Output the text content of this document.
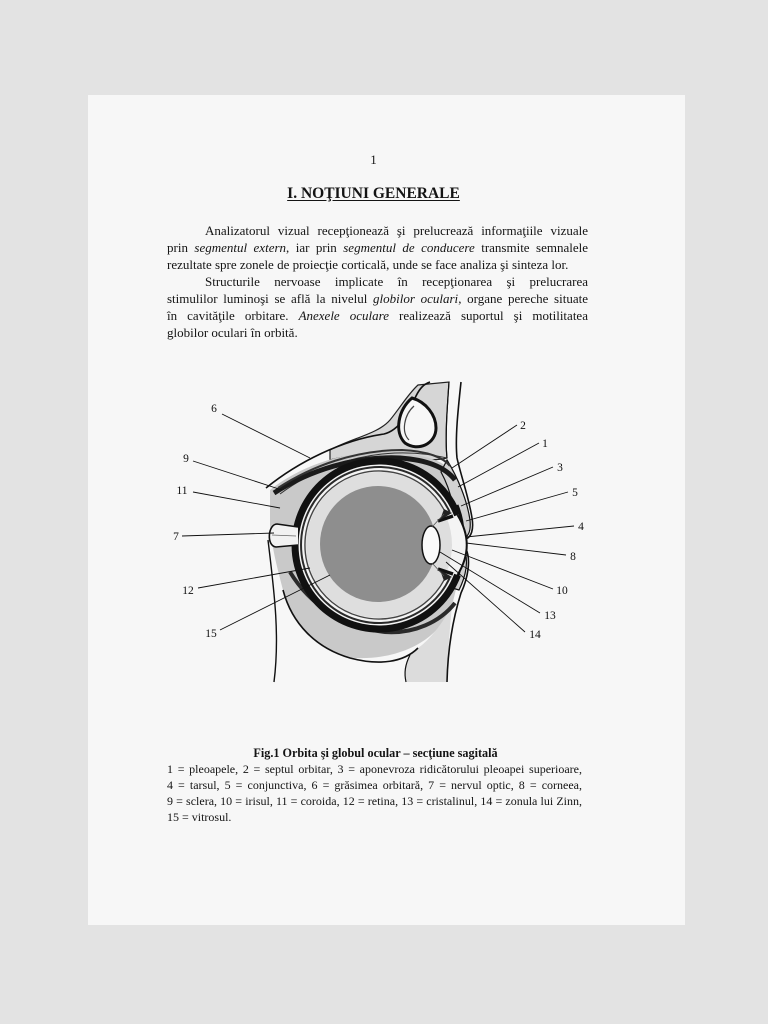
1
I. NOŢIUNI GENERALE
Analizatorul vizual recepţionează şi prelucrează informaţiile vizuale
prin segmentul extern, iar prin segmentul de conducere transmite semnalele
rezultate spre zonele de proiecţie corticală, unde se face analiza şi sinteza lor.
Structurile nervoase implicate în recepţionarea şi prelucrarea
stimulilor luminoşi se află la nivelul globilor oculari, organe pereche situate
în cavităţile orbitare. Anexele oculare realizează suportul şi motilitatea
globilor oculari în orbită.
6
9
11
7
12
15
2
1
3
5
4
8
10
13
14
Fig.1 Orbita şi globul ocular – secţiune sagitală
1 = pleoapele, 2 = septul orbitar, 3 = aponevroza ridicătorului pleoapei superioare,
4 = tarsul, 5 = conjunctiva, 6 = grăsimea orbitară, 7 = nervul optic, 8 = corneea,
9 = sclera, 10 = irisul, 11 = coroida, 12 = retina, 13 = cristalinul, 14 = zonula lui Zinn,
15 = vitrosul.
